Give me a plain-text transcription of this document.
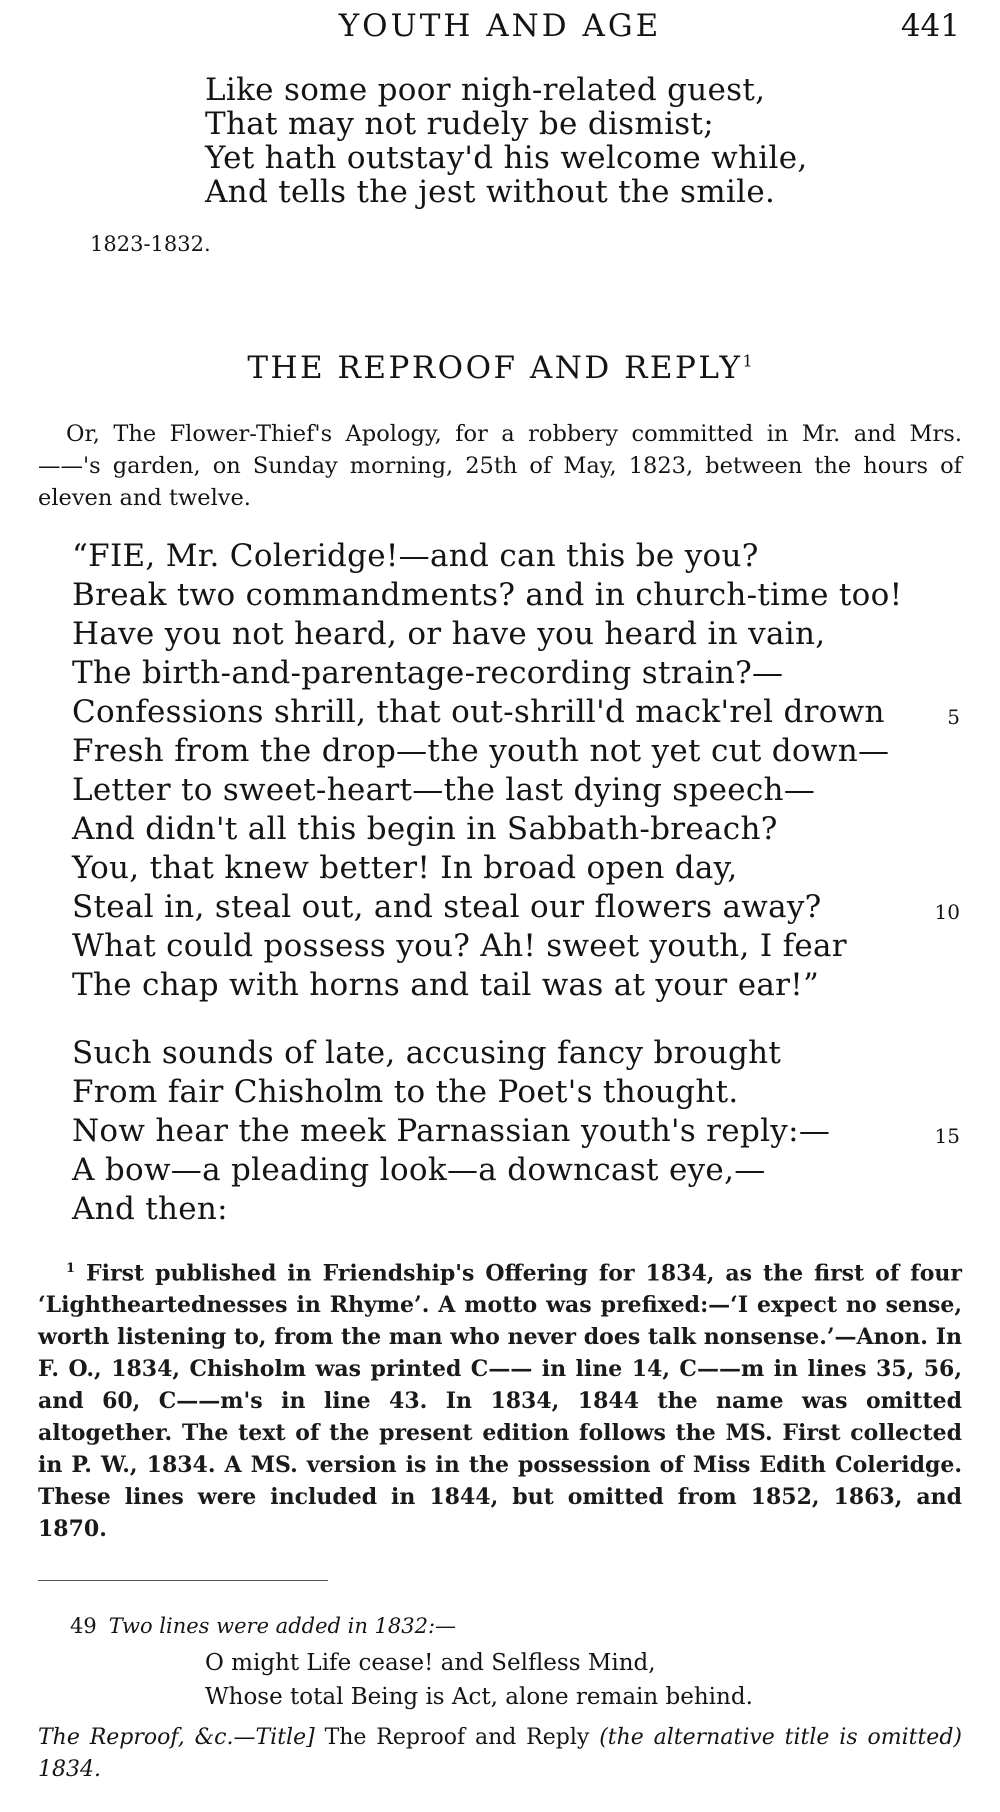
YOUTH AND AGE	441
Like some poor nigh-related guest,
That may not rudely be dismist;
Yet hath outstay'd his welcome while,
And tells the jest without the smile.
1823-1832.
THE REPROOF AND REPLY$^1$
Or, The Flower-Thief's Apology, for a robbery committed in Mr. and Mrs. ——'s garden, on Sunday morning, 25th of May, 1823, between the hours of eleven and twelve.
“FIE, Mr. Coleridge!—and can this be you?
Break two commandments? and in church-time too!
Have you not heard, or have you heard in vain,
The birth-and-parentage-recording strain?—
Confessions shrill, that out-shrill'd mack'rel drown	5
Fresh from the drop—the youth not yet cut down—
Letter to sweet-heart—the last dying speech—
And didn't all this begin in Sabbath-breach?
You, that knew better! In broad open day,
Steal in, steal out, and steal our flowers away?	10
What could possess you? Ah! sweet youth, I fear
The chap with horns and tail was at your ear!”
Such sounds of late, accusing fancy brought
From fair Chisholm to the Poet's thought.
Now hear the meek Parnassian youth's reply:—	15
A bow—a pleading look—a downcast eye,—
And then:
$^1$ First published in Friendship's Offering for 1834, as the first of four ‘Lightheartednesses in Rhyme’. A motto was prefixed:—‘I expect no sense, worth listening to, from the man who never does talk nonsense.’—Anon. In F. O., 1834, Chisholm was printed C—— in line 14, C——m in lines 35, 56, and 60, C——m's in line 43. In 1834, 1844 the name was omitted altogether. The text of the present edition follows the MS. First collected in P. W., 1834. A MS. version is in the possession of Miss Edith Coleridge. These lines were included in 1844, but omitted from 1852, 1863, and 1870.
49 Two lines were added in 1832:—
O might Life cease! and Selfless Mind,
Whose total Being is Act, alone remain behind.
The Reproof, &c.—Title] The Reproof and Reply (the alternative title is omitted) 1834.
